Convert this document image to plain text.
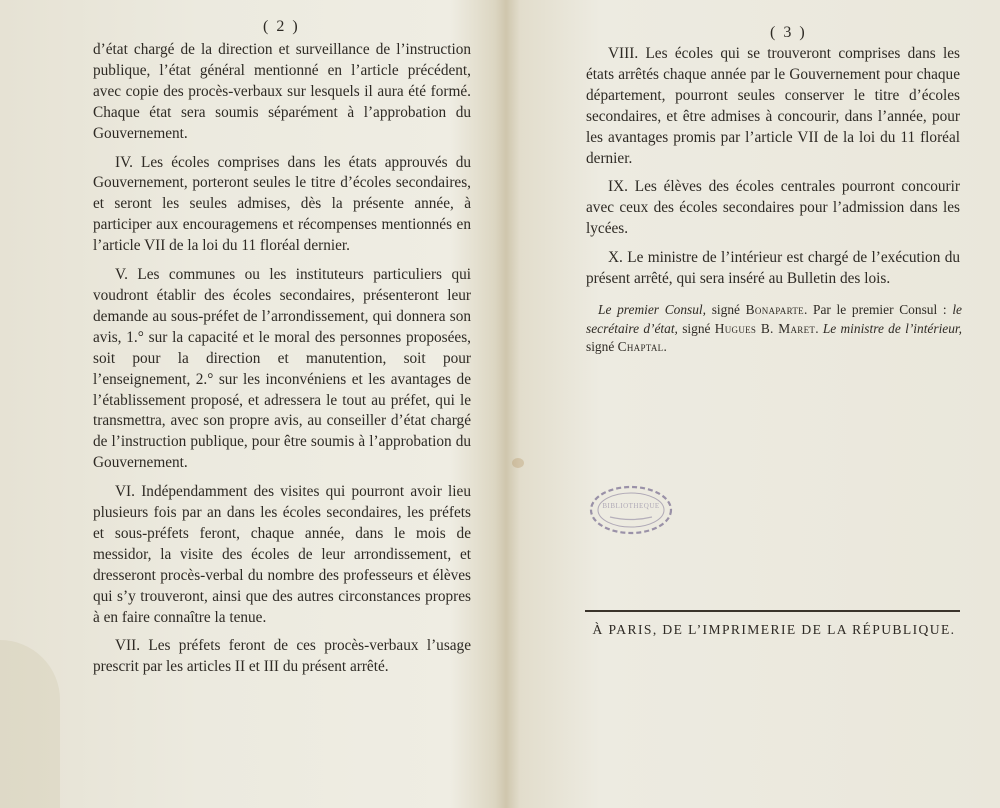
( 2 )

d’état chargé de la direction et surveillance de l’instruction publique, l’état général mentionné en l’article précédent, avec copie des procès-verbaux sur lesquels il aura été formé. Chaque état sera soumis séparément à l’approbation du Gouvernement.

IV. Les écoles comprises dans les états approuvés du Gouvernement, porteront seules le titre d’écoles secondaires, et seront les seules admises, dès la présente année, à participer aux encouragemens et récompenses mentionnés en l’article VII de la loi du 11 floréal dernier.

V. Les communes ou les instituteurs particuliers qui voudront établir des écoles secondaires, présenteront leur demande au sous-préfet de l’arrondissement, qui donnera son avis, 1.° sur la capacité et le moral des personnes proposées, soit pour la direction et manutention, soit pour l’enseignement, 2.° sur les inconvéniens et les avantages de l’établissement proposé, et adressera le tout au préfet, qui le transmettra, avec son propre avis, au conseiller d’état chargé de l’instruction publique, pour être soumis à l’approbation du Gouvernement.

VI. Indépendamment des visites qui pourront avoir lieu plusieurs fois par an dans les écoles secondaires, les préfets et sous-préfets feront, chaque année, dans le mois de messidor, la visite des écoles de leur arrondissement, et dresseront procès-verbal du nombre des professeurs et élèves qui s’y trouveront, ainsi que des autres circonstances propres à en faire connaître la tenue.

VII. Les préfets feront de ces procès-verbaux l’usage prescrit par les articles II et III du présent arrêté.

( 3 )

VIII. Les écoles qui se trouveront comprises dans les états arrêtés chaque année par le Gouvernement pour chaque département, pourront seules conserver le titre d’écoles secondaires, et être admises à concourir, dans l’année, pour les avantages promis par l’article VII de la loi du 11 floréal dernier.

IX. Les élèves des écoles centrales pourront concourir avec ceux des écoles secondaires pour l’admission dans les lycées.

X. Le ministre de l’intérieur est chargé de l’exécution du présent arrêté, qui sera inséré au Bulletin des lois.

Le premier Consul, signé Bonaparte. Par le premier Consul : le secrétaire d’état, signé Hugues B. Maret. Le ministre de l’intérieur, signé Chaptal.

BIBLIOTHEQUE
À PARIS, DE L’IMPRIMERIE DE LA RÉPUBLIQUE.
